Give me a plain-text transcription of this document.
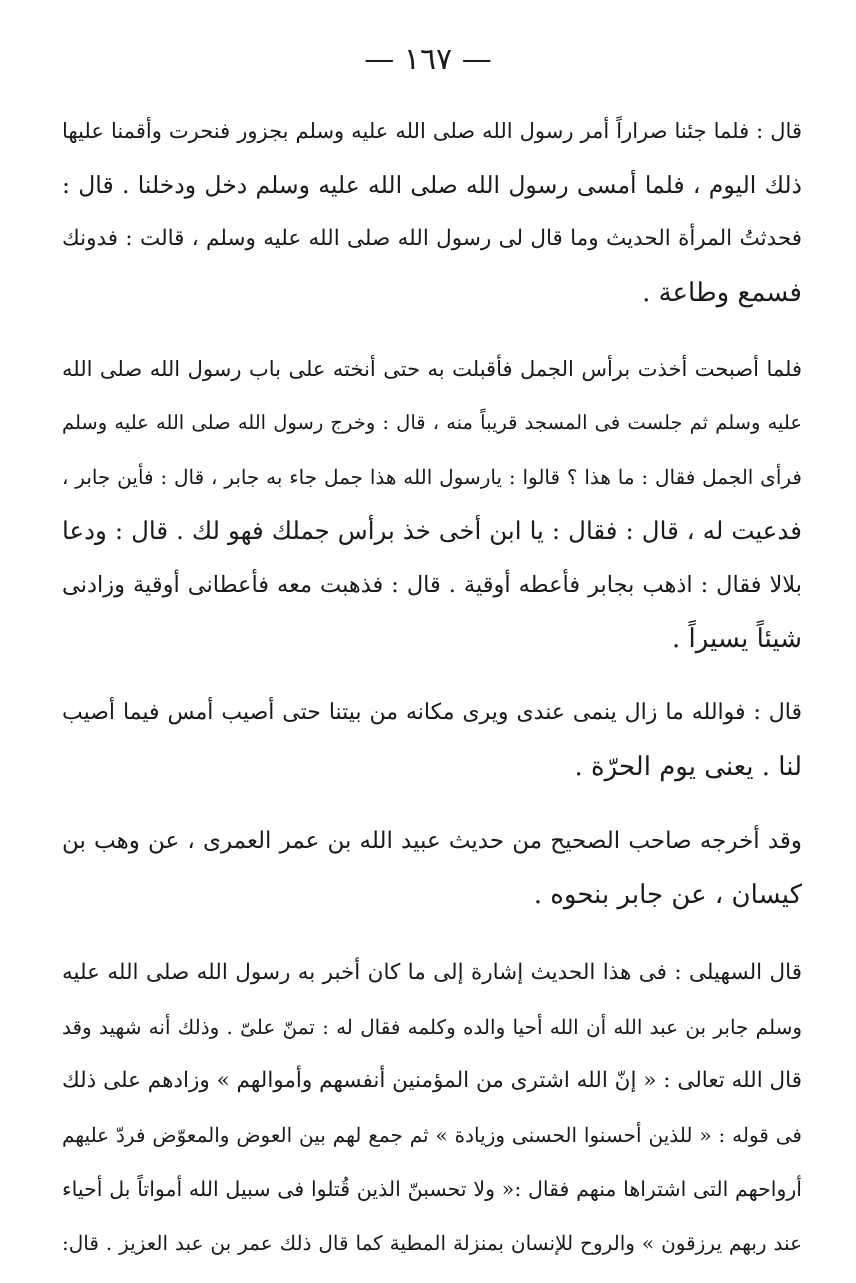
— ١٦٧ —
قال : فلما جئنا صراراً أمر رسول الله صلى الله عليه وسلم بجزور فنحرت وأقمنا عليها
ذلك اليوم ، فلما أمسى رسول الله صلى الله عليه وسلم دخل ودخلنا . قال :
فحدثتُ المرأة الحديث وما قال لى رسول الله صلى الله عليه وسلم ، قالت : فدونك
فسمع وطاعة .
فلما أصبحت أخذت برأس الجمل فأقبلت به حتى أنخته على باب رسول الله صلى الله
عليه وسلم ثم جلست فى المسجد قريباً منه ، قال : وخرج رسول الله صلى الله عليه وسلم
فرأى الجمل فقال : ما هذا ؟ قالوا : يارسول الله هذا جمل جاء به جابر ، قال : فأين جابر ،
فدعيت له ، قال : فقال : يا ابن أخى خذ برأس جملك فهو لك . قال : ودعا
بلالا فقال : اذهب بجابر فأعطه أوقية . قال : فذهبت معه فأعطانى أوقية وزادنى
شيئاً يسيراً .
قال : فوالله ما زال ينمى عندى ويرى مكانه من بيتنا حتى أصيب أمس فيما أصيب
لنا . يعنى يوم الحرّة .
وقد أخرجه صاحب الصحيح من حديث عبيد الله بن عمر العمرى ، عن وهب بن
كيسان ، عن جابر بنحوه .
قال السهيلى : فى هذا الحديث إشارة إلى ما كان أخبر به رسول الله صلى الله عليه
وسلم جابر بن عبد الله أن الله أحيا والده وكلمه فقال له : تمنّ علىّ . وذلك أنه شهيد وقد
قال الله تعالى : « إنّ الله اشترى من المؤمنين أنفسهم وأموالهم » وزادهم على ذلك
فى قوله : « للذين أحسنوا الحسنى وزيادة » ثم جمع لهم بين العوض والمعوّض فردّ عليهم
أرواحهم التى اشتراها منهم فقال :« ولا تحسبنّ الذين قُتلوا فى سبيل الله أمواتاً بل أحياء
عند ربهم يرزقون » والروح للإنسان بمنزلة المطية كما قال ذلك عمر بن عبد العزيز . قال:
